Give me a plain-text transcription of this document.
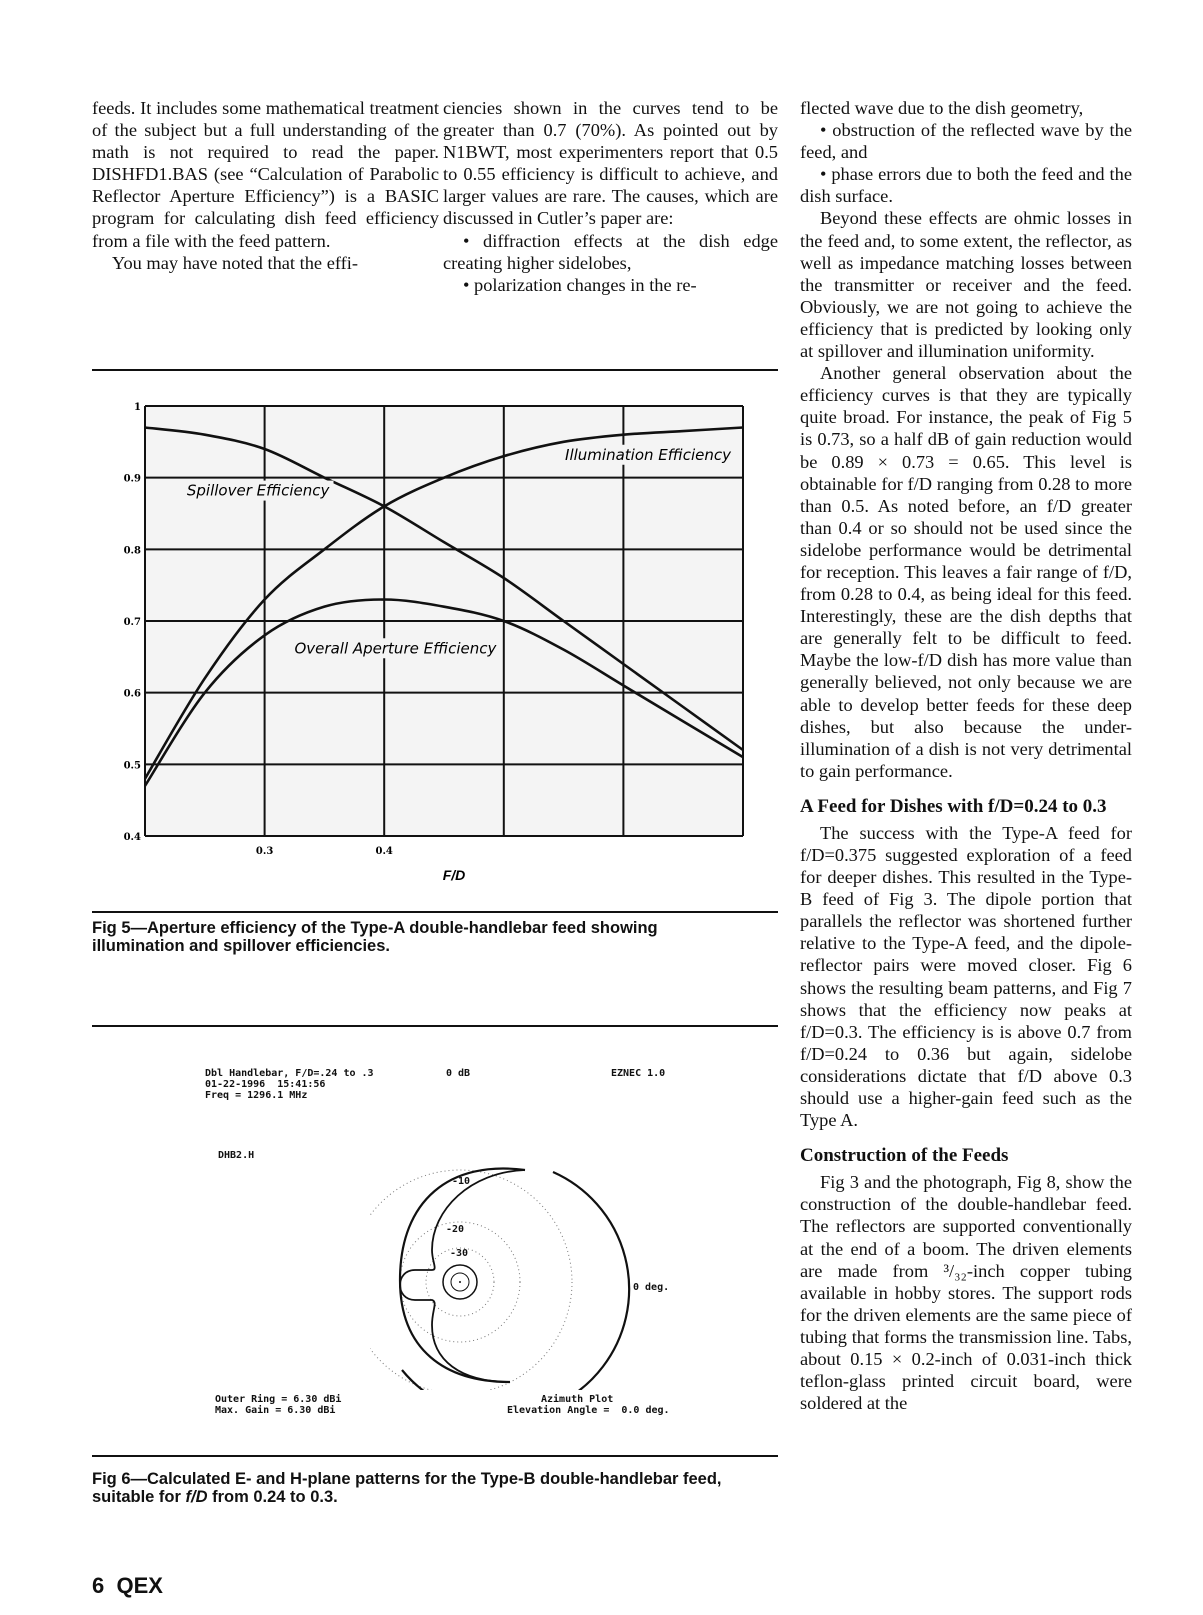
feeds. It includes some mathematical treatment of the subject but a full understanding of the math is not required to read the paper. DISHFD1.BAS (see “Calculation of Parabolic Reflector Aperture Efficiency”) is a BASIC program for calculating dish feed efficiency from a file with the feed pattern.

You may have noted that the effi-

ciencies shown in the curves tend to be greater than 0.7 (70%). As pointed out by N1BWT, most experimenters report that 0.5 to 0.55 efficiency is difficult to achieve, and larger values are rare. The causes, which are discussed in Cutler’s paper are:

• diffraction effects at the dish edge creating higher sidelobes,

• polarization changes in the re-

flected wave due to the dish geometry,

• obstruction of the reflected wave by the feed, and

• phase errors due to both the feed and the dish surface.

Beyond these effects are ohmic losses in the feed and, to some extent, the reflector, as well as impedance matching losses between the transmitter or receiver and the feed. Obviously, we are not going to achieve the efficiency that is predicted by looking only at spillover and illumination uniformity.

Another general observation about the efficiency curves is that they are typically quite broad. For instance, the peak of Fig 5 is 0.73, so a half dB of gain reduction would be 0.89 × 0.73 = 0.65. This level is obtainable for f/D ranging from 0.28 to more than 0.5. As noted before, an f/D greater than 0.4 or so should not be used since the sidelobe performance would be detrimental for reception. This leaves a fair range of f/D, from 0.28 to 0.4, as being ideal for this feed. Interestingly, these are the dish depths that are generally felt to be difficult to feed. Maybe the low-f/D dish has more value than generally believed, not only because we are able to develop better feeds for these deep dishes, but also because the under-illumination of a dish is not very detrimental to gain performance.

A Feed for Dishes with f/D=0.24 to 0.3

The success with the Type-A feed for f/D=0.375 suggested exploration of a feed for deeper dishes. This resulted in the Type-B feed of Fig 3. The dipole portion that parallels the reflector was shortened further relative to the Type-A feed, and the dipole-reflector pairs were moved closer. Fig 6 shows the resulting beam patterns, and Fig 7 shows that the efficiency now peaks at f/D=0.3. The efficiency is is above 0.7 from f/D=0.24 to 0.36 but again, sidelobe considerations dictate that f/D above 0.3 should use a higher-gain feed such as the Type A.

Construction of the Feeds

Fig 3 and the photograph, Fig 8, show the construction of the double-handlebar feed. The reflectors are supported conventionally at the end of a boom. The driven elements are made from ³/₃₂-inch copper tubing available in hobby stores. The support rods for the driven elements are the same piece of tubing that forms the transmission line. Tabs, about 0.15 × 0.2-inch of 0.031-inch thick teflon-glass printed circuit board, were soldered at the

0.4
0.5
0.6
0.7
0.8
0.9
1
0.3	0.4
F/D
Spillover Efficiency
Illumination Efficiency
Overall Aperture Efficiency
Fig 5—Aperture efficiency of the Type-A double-handlebar feed showing illumination and spillover efficiencies.
Dbl Handlebar, F/D=.24 to .3
01-22-1996  15:41:56
Freq = 1296.1 MHz
0 dB	EZNEC 1.0
DHB2.H
-10
-20
-30
0 deg.
Outer Ring = 6.30 dBi
Max. Gain = 6.30 dBi
Azimuth Plot
Elevation Angle =  0.0 deg.
Fig 6—Calculated E- and H-plane patterns for the Type-B double-handlebar feed, suitable for f/D from 0.24 to 0.3.
6 QEX
